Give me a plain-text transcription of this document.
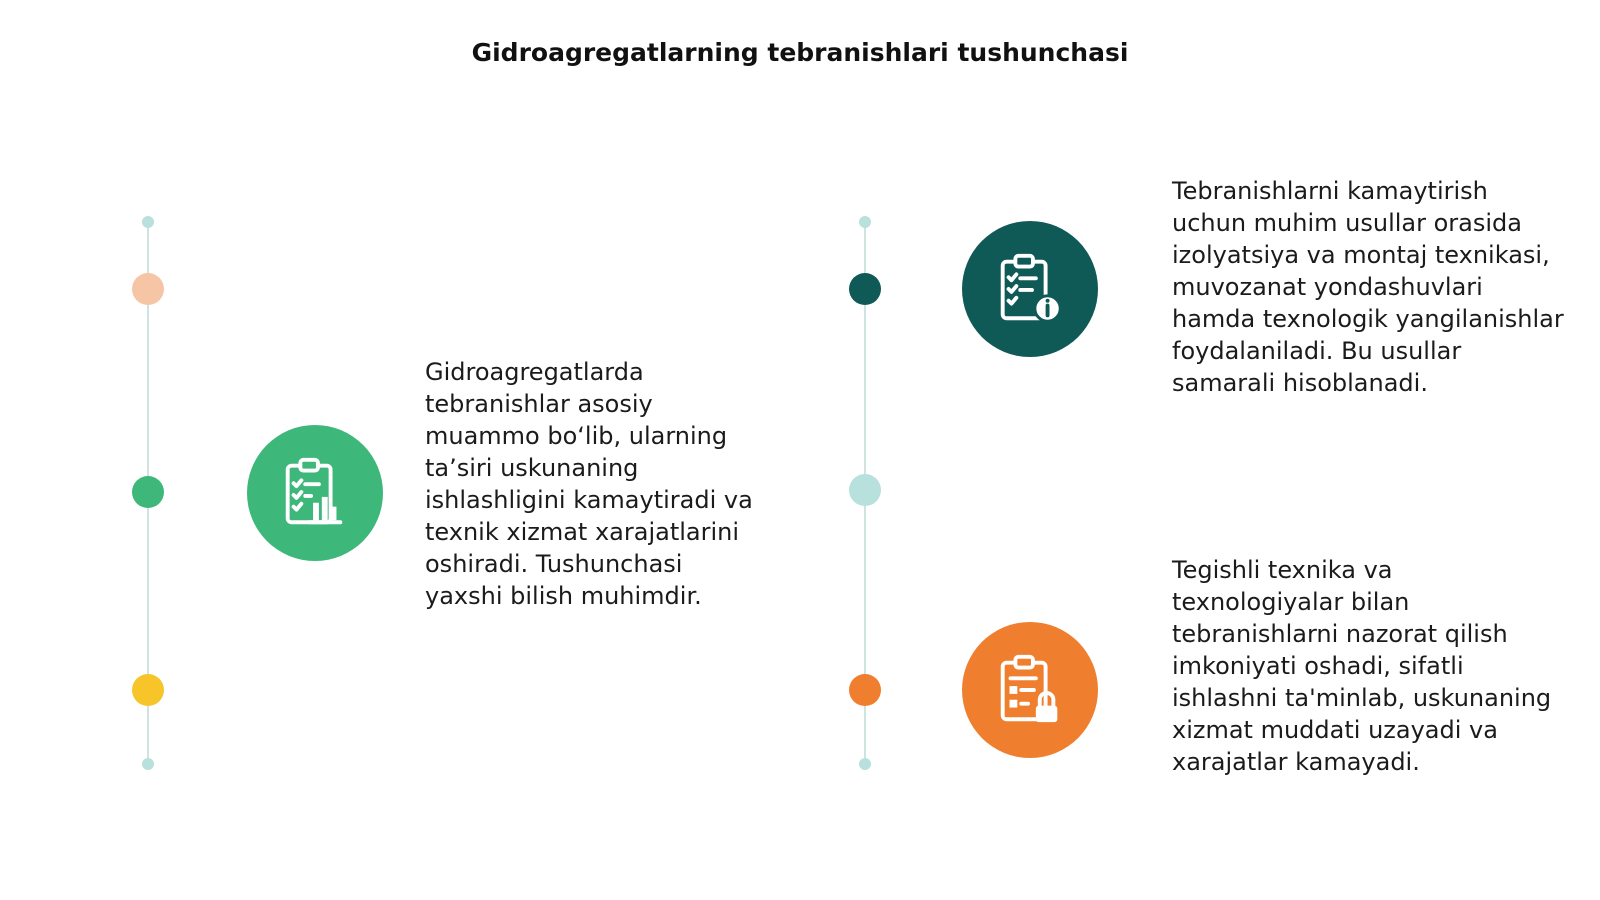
Gidroagregatlarning tebranishlari tushunchasi

Gidroagregatlarda tebranishlar asosiy muammo bo‘lib, ularning ta’siri uskunaning ishlashligini kamaytiradi va texnik xizmat xarajatlarini oshiradi. Tushunchasi yaxshi bilish muhimdir.

Tebranishlarni kamaytirish uchun muhim usullar orasida izolyatsiya va montaj texnikasi, muvozanat yondashuvlari hamda texnologik yangilanishlar foydalaniladi. Bu usullar samarali hisoblanadi.

Tegishli texnika va texnologiyalar bilan tebranishlarni nazorat qilish imkoniyati oshadi, sifatli ishlashni ta'minlab, uskunaning xizmat muddati uzayadi va xarajatlar kamayadi.
